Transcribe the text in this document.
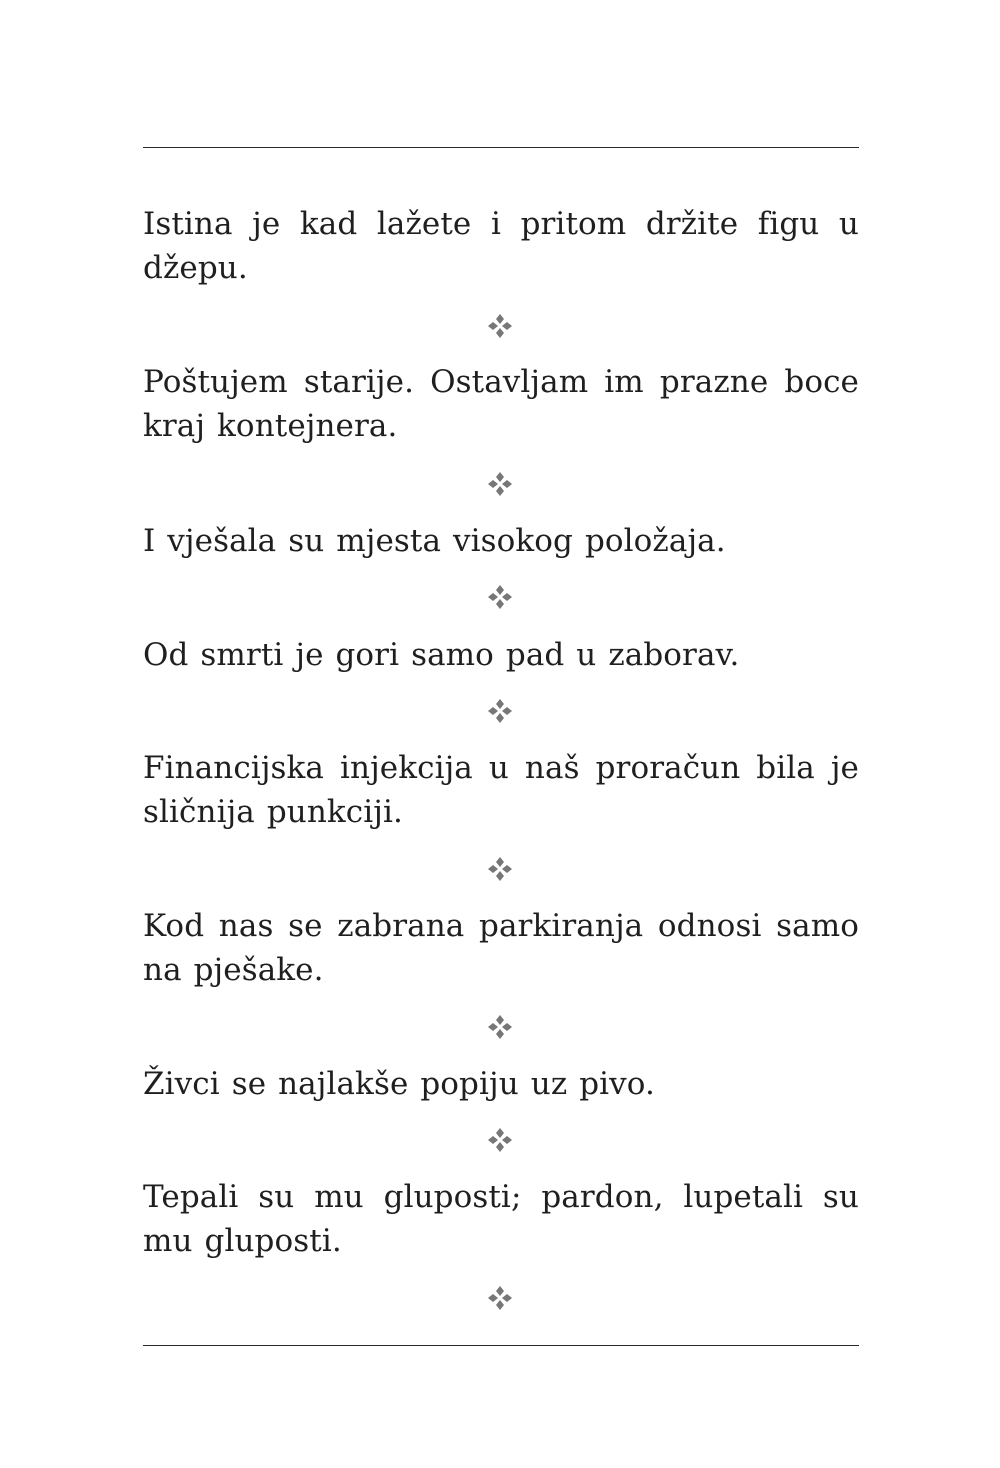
Istina je kad lažete i pritom držite figu u džepu.

Poštujem starije. Ostavljam im prazne boce kraj kontejnera.

I vješala su mjesta visokog položaja.

Od smrti je gori samo pad u zaborav.

Financijska injekcija u naš proračun bila je sličnija punkciji.

Kod nas se zabrana parkiranja odnosi samo na pješake.

Živci se najlakše popiju uz pivo.

Tepali su mu gluposti; pardon, lupetali su mu gluposti.
